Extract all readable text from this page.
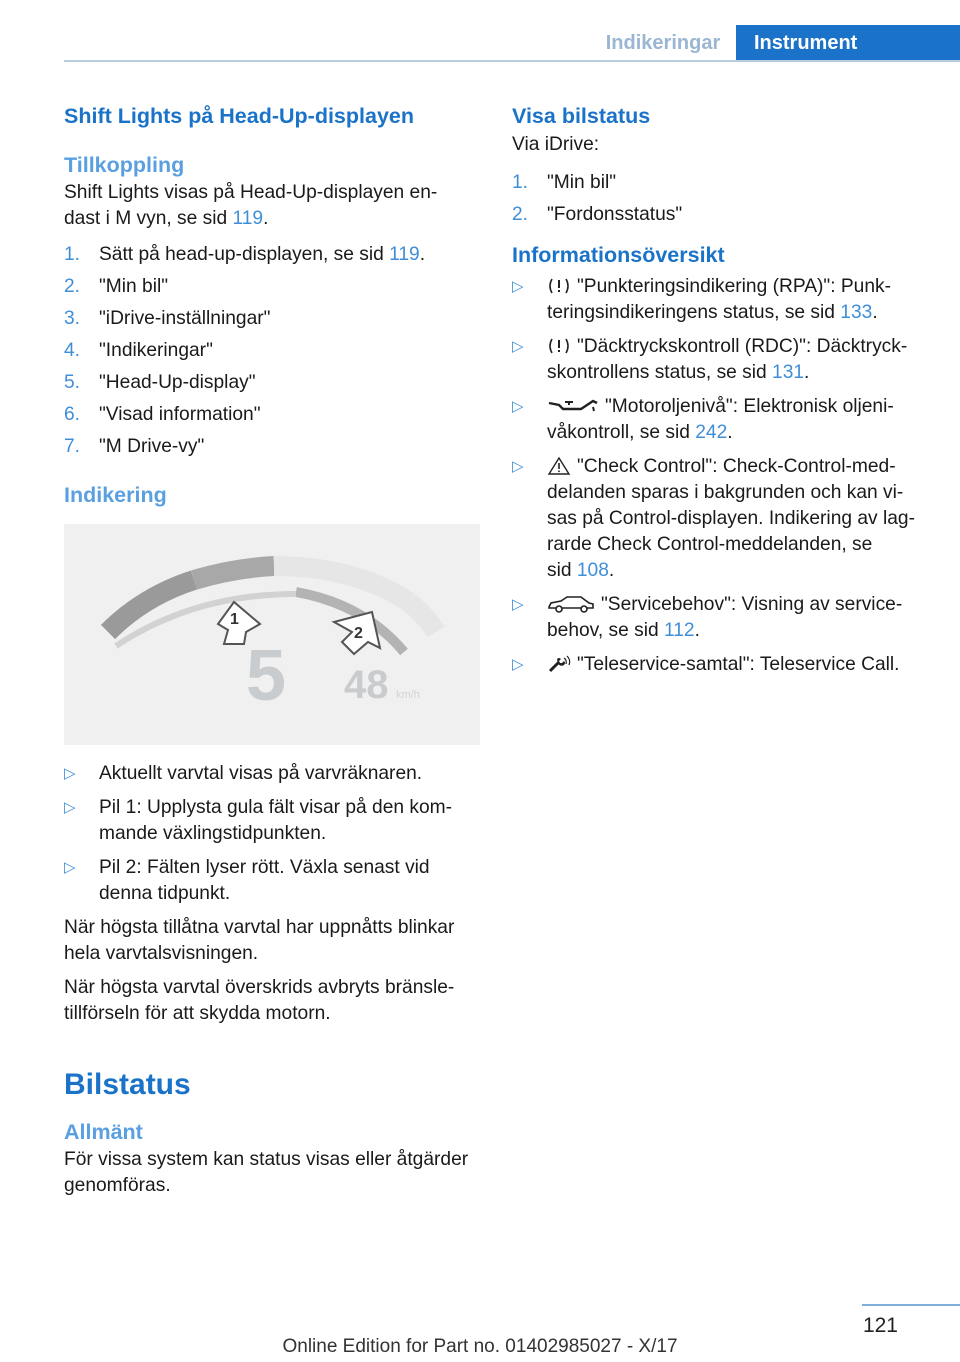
Indikeringar	Instrument
Shift Lights på Head-Up-displayen
Tillkoppling

Shift Lights visas på Head-Up-displayen en-

dast i M vyn, se sid 119.

1. Sätt på head-up-displayen, se sid 119.
2. "Min bil"
3. "iDrive-inställningar"
4. "Indikeringar"
5. "Head-Up-display"
6. "Visad information"
7. "M Drive-vy"
Indikering
1
2
5 48 km/h
▷ Aktuellt varvtal visas på varvräknaren.
▷ Pil 1: Upplysta gula fält visar på den kom-
mande växlingstidpunkten.
▷ Pil 2: Fälten lyser rött. Växla senast vid
denna tidpunkt.

När högsta tillåtna varvtal har uppnåtts blinkar

hela varvtalsvisningen.

När högsta varvtal överskrids avbryts bränsle-

tillförseln för att skydda motorn.

Bilstatus
Allmänt

För vissa system kan status visas eller åtgärder

genomföras.

Visa bilstatus

Via iDrive:

1. "Min bil"
2. "Fordonsstatus"
Informationsöversikt
▷	"Punkteringsindikering (RPA)": Punk-
teringsindikeringens status, se sid 133.
▷	"Däcktryckskontroll (RDC)": Däcktryck-
skontrollens status, se sid 131.
▷	"Motoroljenivå": Elektronisk oljeni-
våkontroll, se sid 242.
▷	"Check Control": Check-Control-med-
delanden sparas i bakgrunden och kan vi-
sas på Control-displayen. Indikering av lag-
rarde Check Control-meddelanden, se
sid 108.
▷	"Servicebehov": Visning av service-
behov, se sid 112.
▷	"Teleservice-samtal": Teleservice Call.
121
Online Edition for Part no. 01402985027 - X/17
